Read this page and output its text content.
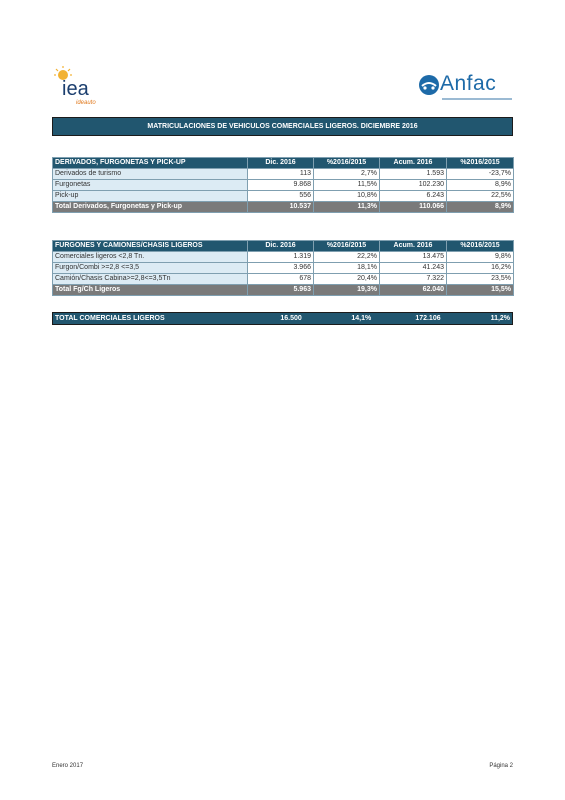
iea
ideauto
Anfac
MATRICULACIONES DE VEHICULOS COMERCIALES LIGEROS. DICIEMBRE 2016
DERIVADOS, FURGONETAS Y PICK-UP	Dic. 2016	%2016/2015	Acum. 2016	%2016/2015
Derivados de turismo	113	2,7%	1.593	-23,7%
Furgonetas	9.868	11,5%	102.230	8,9%
Pick-up	556	10,8%	6.243	22,5%
Total Derivados, Furgonetas y Pick-up	10.537	11,3%	110.066	8,9%
FURGONES Y CAMIONES/CHASIS LIGEROS	Dic. 2016	%2016/2015	Acum. 2016	%2016/2015
Comerciales ligeros <2,8 Tn.	1.319	22,2%	13.475	9,8%
Furgon/Combi >=2,8 <=3,5	3.966	18,1%	41.243	16,2%
Camión/Chasis Cabina>=2,8<=3,5Tn	678	20,4%	7.322	23,5%
Total Fg/Ch Ligeros	5.963	19,3%	62.040	15,5%
TOTAL COMERCIALES LIGEROS	16.500	14,1%	172.106	11,2%
Enero 2017	Página 2
